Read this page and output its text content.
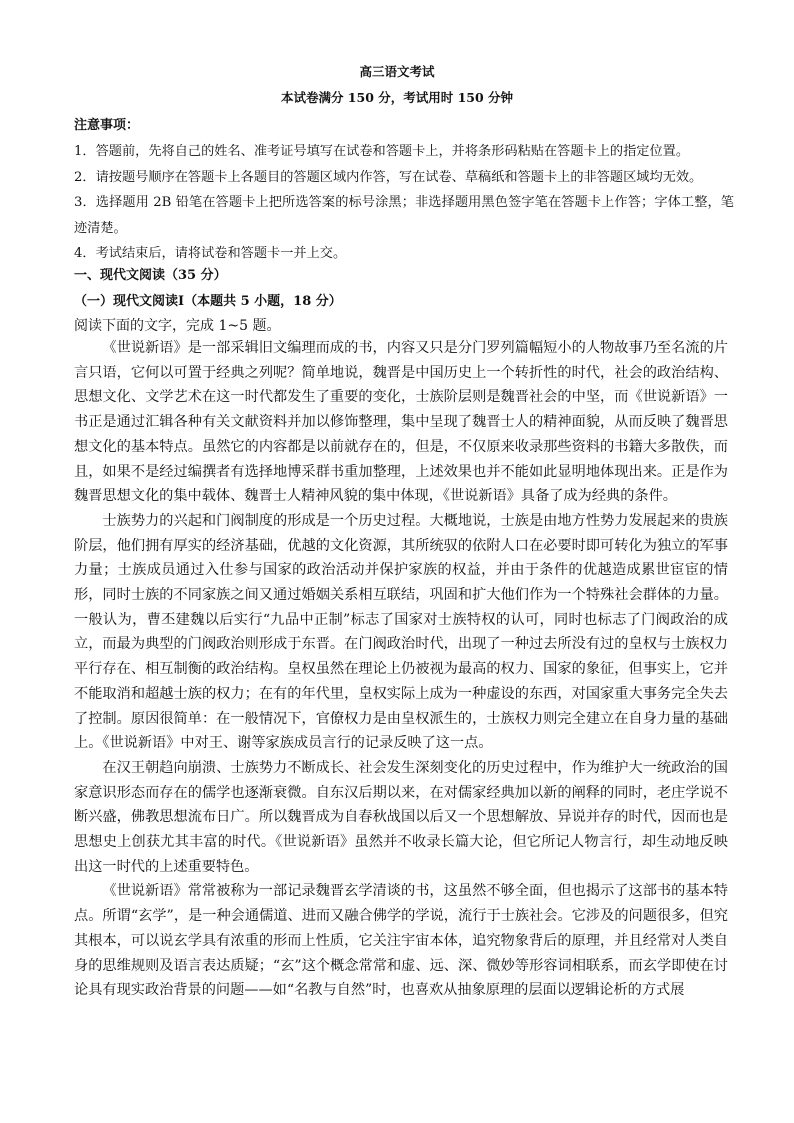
高三语文考试
本试卷满分 150 分，考试用时 150 分钟
注意事项：

1．答题前，先将自己的姓名、准考证号填写在试卷和答题卡上，并将条形码粘贴在答题卡上的指定位置。

2．请按题号顺序在答题卡上各题目的答题区域内作答，写在试卷、草稿纸和答题卡上的非答题区域均无效。

3．选择题用 2B 铅笔在答题卡上把所选答案的标号涂黑；非选择题用黑色签字笔在答题卡上作答；字体工整，笔迹清楚。

4．考试结束后，请将试卷和答题卡一并上交。

一、现代文阅读（35 分）
（一）现代文阅读Ⅰ（本题共 5 小题，18 分）
阅读下面的文字，完成 1~5 题。

《世说新语》是一部采辑旧文编理而成的书，内容又只是分门罗列篇幅短小的人物故事乃至名流的片言只语，它何以可置于经典之列呢？简单地说，魏晋是中国历史上一个转折性的时代，社会的政治结构、思想文化、文学艺术在这一时代都发生了重要的变化，士族阶层则是魏晋社会的中坚，而《世说新语》一书正是通过汇辑各种有关文献资料并加以修饰整理，集中呈现了魏晋士人的精神面貌，从而反映了魏晋思想文化的基本特点。虽然它的内容都是以前就存在的，但是，不仅原来收录那些资料的书籍大多散佚，而且，如果不是经过编撰者有选择地博采群书重加整理，上述效果也并不能如此显明地体现出来。正是作为魏晋思想文化的集中载体、魏晋士人精神风貌的集中体现，《世说新语》具备了成为经典的条件。

士族势力的兴起和门阀制度的形成是一个历史过程。大概地说，士族是由地方性势力发展起来的贵族阶层，他们拥有厚实的经济基础，优越的文化资源，其所统驭的依附人口在必要时即可转化为独立的军事力量；士族成员通过入仕参与国家的政治活动并保护家族的权益，并由于条件的优越造成累世宦宦的情形，同时士族的不同家族之间又通过婚姻关系相互联结，巩固和扩大他们作为一个特殊社会群体的力量。一般认为，曹丕建魏以后实行“九品中正制”标志了国家对士族特权的认可，同时也标志了门阀政治的成立，而最为典型的门阀政治则形成于东晋。在门阀政治时代，出现了一种过去所没有过的皇权与士族权力平行存在、相互制衡的政治结构。皇权虽然在理论上仍被视为最高的权力、国家的象征，但事实上，它并不能取消和超越士族的权力；在有的年代里，皇权实际上成为一种虚设的东西，对国家重大事务完全失去了控制。原因很简单：在一般情况下，官僚权力是由皇权派生的，士族权力则完全建立在自身力量的基础上。《世说新语》中对王、谢等家族成员言行的记录反映了这一点。

在汉王朝趋向崩溃、士族势力不断成长、社会发生深刻变化的历史过程中，作为维护大一统政治的国家意识形态而存在的儒学也逐渐衰微。自东汉后期以来，在对儒家经典加以新的阐释的同时，老庄学说不断兴盛，佛教思想流布日广。所以魏晋成为自春秋战国以后又一个思想解放、异说并存的时代，因而也是思想史上创获尤其丰富的时代。《世说新语》虽然并不收录长篇大论，但它所记人物言行，却生动地反映出这一时代的上述重要特色。

《世说新语》常常被称为一部记录魏晋玄学清谈的书，这虽然不够全面，但也揭示了这部书的基本特点。所谓“玄学”，是一种会通儒道、进而又融合佛学的学说，流行于士族社会。它涉及的问题很多，但究其根本，可以说玄学具有浓重的形而上性质，它关注宇宙本体，追究物象背后的原理，并且经常对人类自身的思维规则及语言表达质疑；“玄”这个概念常常和虚、远、深、微妙等形容词相联系，而玄学即使在讨论具有现实政治背景的问题——如“名教与自然”时，也喜欢从抽象原理的层面以逻辑论析的方式展
